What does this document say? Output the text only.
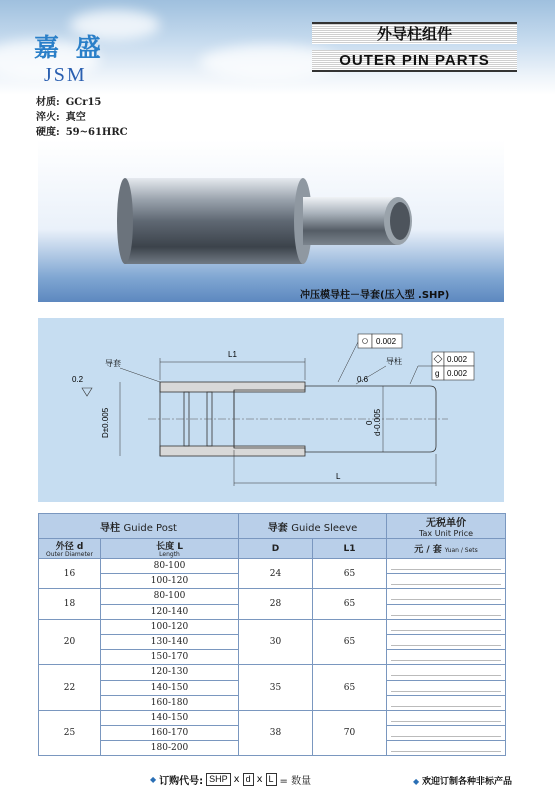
嘉 盛
JSM
外导柱组件
OUTER PIN PARTS
材质: GCr15
淬火: 真空
硬度: 59~61HRC
冲压模导柱－导套(压入型 .SHP)
L1
L
D±0.005	0 d-0.005
导套
0.2
导柱
0.6
0.002
0.002
g 0.002
导柱 Guide Post		导套 Guide Sleeve		无税单价
Tax Unit Price

外径 d
Outer Diameter	长度 L
Length	D	L1	元 / 套 Yuan / Sets
16	80-100	24	65	

	100-120			

18	80-100	28	65	

	120-140			

20	100-120	30	65	

	130-140			

	150-170			

22	120-130	35	65	

	140-150			

	160-180			

25	140-150	38	70	

	160-170			

	180-200			
◆ 订购代号: SHP x d x L = 数量	◆ 欢迎订制各种非标产品
